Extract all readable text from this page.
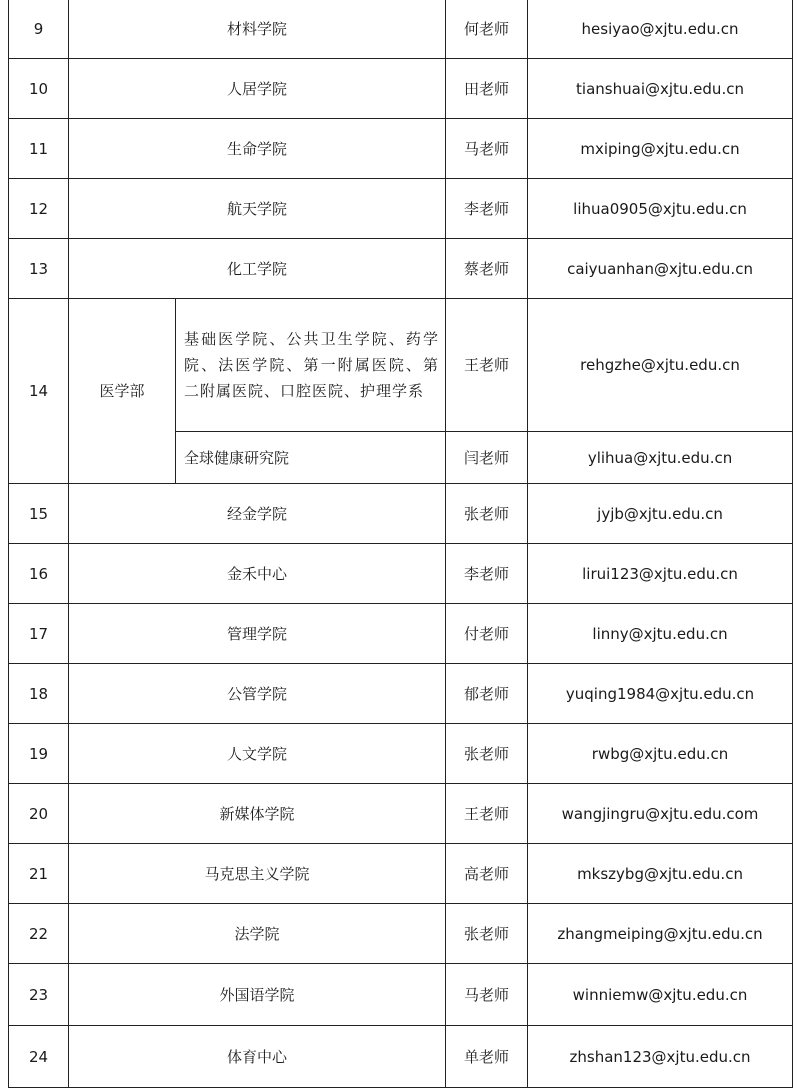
9	材料学院		何老师	hesiyao@xjtu.edu.cn
10	人居学院		田老师	tianshuai@xjtu.edu.cn
11	生命学院		马老师	mxiping@xjtu.edu.cn
12	航天学院		李老师	lihua0905@xjtu.edu.cn
13	化工学院		蔡老师	caiyuanhan@xjtu.edu.cn
14	医学部	基础医学院、公共卫生学院、药学院、法医学院、第一附属医院、第二附属医院、口腔医院、护理学系	王老师	rehgzhe@xjtu.edu.cn
		全球健康研究院	闫老师	ylihua@xjtu.edu.cn
15	经金学院		张老师	jyjb@xjtu.edu.cn
16	金禾中心		李老师	lirui123@xjtu.edu.cn
17	管理学院		付老师	linny@xjtu.edu.cn
18	公管学院		郁老师	yuqing1984@xjtu.edu.cn
19	人文学院		张老师	rwbg@xjtu.edu.cn
20	新媒体学院		王老师	wangjingru@xjtu.edu.com
21	马克思主义学院		高老师	mkszybg@xjtu.edu.cn
22	法学院		张老师	zhangmeiping@xjtu.edu.cn
23	外国语学院		马老师	winniemw@xjtu.edu.cn
24	体育中心		单老师	zhshan123@xjtu.edu.cn
